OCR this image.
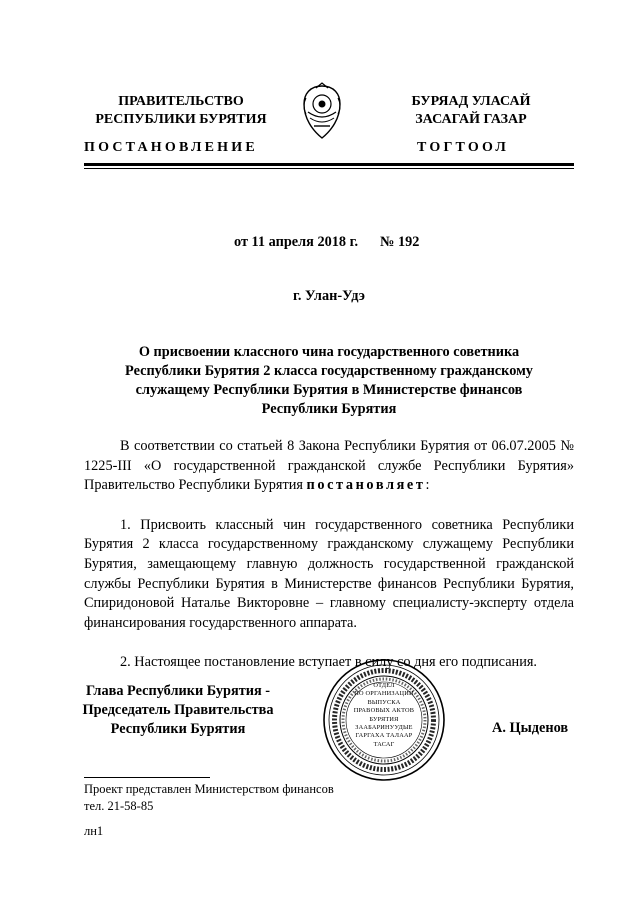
ПРАВИТЕЛЬСТВО
РЕСПУБЛИКИ БУРЯТИЯ
БУРЯАД УЛАСАЙ
ЗАСАГАЙ ГАЗАР
ПОСТАНОВЛЕНИЕ	ТОГТООЛ
от 11 апреля 2018 г. № 192
г. Улан-Удэ
О присвоении классного чина государственного советника
Республики Бурятия 2 класса государственному гражданскому
служащему Республики Бурятия в Министерстве финансов
Республики Бурятия

В соответствии со статьей 8 Закона Республики Бурятия от 06.07.2005 № 1225-III «О государственной гражданской службе Республики Бурятия» Правительство Республики Бурятия постановляет:

1. Присвоить классный чин государственного советника Республики Бурятия 2 класса государственному гражданскому служащему Республики Бурятия, замещающему главную должность государственной гражданской службы Республики Бурятия в Министерстве финансов Республики Бурятия, Спиридоновой Наталье Викторовне – главному специалисту-эксперту отдела финансирования государственного аппарата.

2. Настоящее постановление вступает в силу со дня его подписания.

Глава Республики Бурятия -
Председатель Правительства
Республики Бурятия
ОТДЕЛ
ПО ОРГАНИЗАЦИИ
ВЫПУСКА
ПРАВОВЫХ АКТОВ
БУРЯТИЯ
ЗААБАРИНУУДЫЕ
ГАРГАХА ТАЛААР
ТАСАГ
А. Цыденов
Проект представлен Министерством финансов
тел. 21-58-85
лн1
